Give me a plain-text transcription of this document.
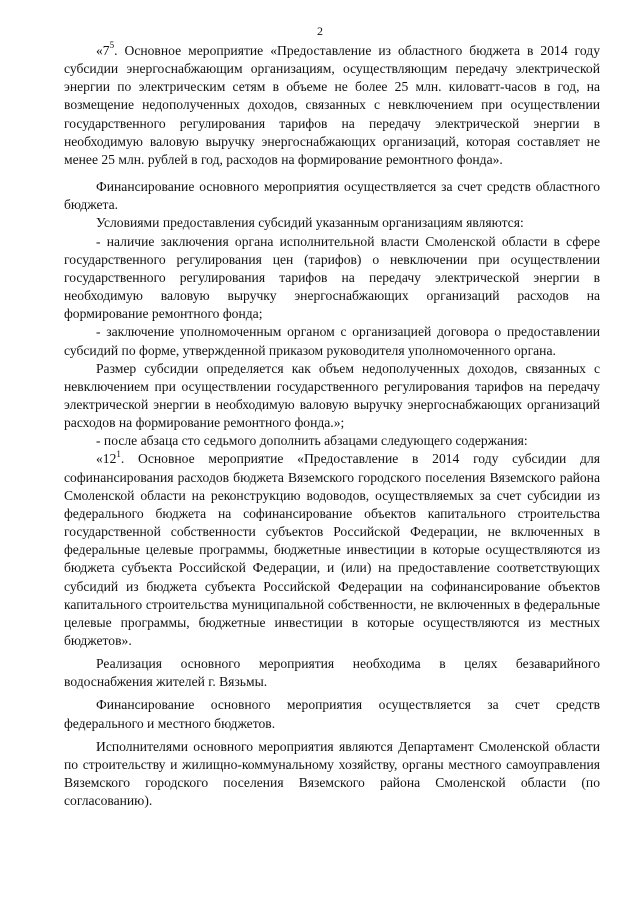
2

«$7^5$. Основное мероприятие «Предоставление из областного бюджета в 2014 году субсидии энергоснабжающим организациям, осуществляющим передачу электрической энергии по электрическим сетям в объеме не более 25 млн. киловатт-часов в год, на возмещение недополученных доходов, связанных с невключением при осуществлении государственного регулирования тарифов на передачу электрической энергии в необходимую валовую выручку энергоснабжающих организаций, которая составляет не менее 25 млн. рублей в год, расходов на формирование ремонтного фонда».

Финансирование основного мероприятия осуществляется за счет средств областного бюджета.

Условиями предоставления субсидий указанным организациям являются:

- наличие заключения органа исполнительной власти Смоленской области в сфере государственного регулирования цен (тарифов) о невключении при осуществлении государственного регулирования тарифов на передачу электрической энергии в необходимую валовую выручку энергоснабжающих организаций расходов на формирование ремонтного фонда;

- заключение уполномоченным органом с организацией договора о предоставлении субсидий по форме, утвержденной приказом руководителя уполномоченного органа.

Размер субсидии определяется как объем недополученных доходов, связанных с невключением при осуществлении государственного регулирования тарифов на передачу электрической энергии в необходимую валовую выручку энергоснабжающих организаций расходов на формирование ремонтного фонда.»;

- после абзаца сто седьмого дополнить абзацами следующего содержания:

«$12^1$. Основное мероприятие «Предоставление в 2014 году субсидии для софинансирования расходов бюджета Вяземского городского поселения Вяземского района Смоленской области на реконструкцию водоводов, осуществляемых за счет субсидии из федерального бюджета на софинансирование объектов капитального строительства государственной собственности субъектов Российской Федерации, не включенных в федеральные целевые программы, бюджетные инвестиции в которые осуществляются из бюджета субъекта Российской Федерации, и (или) на предоставление соответствующих субсидий из бюджета субъекта Российской Федерации на софинансирование объектов капитального строительства муниципальной собственности, не включенных в федеральные целевые программы, бюджетные инвестиции в которые осуществляются из местных бюджетов».

Реализация основного мероприятия необходима в целях безаварийного водоснабжения жителей г. Вязьмы.

Финансирование основного мероприятия осуществляется за счет средств федерального и местного бюджетов.

Исполнителями основного мероприятия являются Департамент Смоленской области по строительству и жилищно-коммунальному хозяйству, органы местного самоуправления Вяземского городского поселения Вяземского района Смоленской области (по согласованию).
